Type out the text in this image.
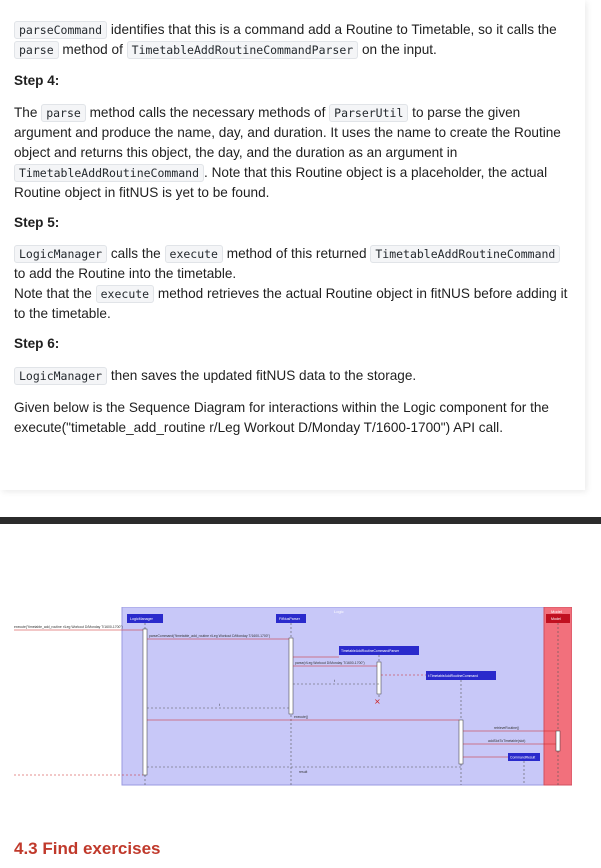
parseCommand identifies that this is a command add a Routine to Timetable, so it calls the parse method of TimetableAddRoutineCommandParser on the input.

Step 4:

The parse method calls the necessary methods of ParserUtil to parse the given argument and produce the name, day, and duration. It uses the name to create the Routine object and returns this object, the day, and the duration as an argument in TimetableAddRoutineCommand . Note that this Routine object is a placeholder, the actual Routine object in fitNUS is yet to be found.

Step 5:

LogicManager calls the execute method of this returned TimetableAddRoutineCommand to add the Routine into the timetable.
Note that the execute method retrieves the actual Routine object in fitNUS before adding it to the timetable.

Step 6:

LogicManager then saves the updated fitNUS data to the storage.

Given below is the Sequence Diagram for interactions within the Logic component for the execute("timetable_add_routine r/Leg Workout D/Monday T/1600-1700") API call.

Logic	Model
LogicManager	FitNusParser
TimetableAddRoutineCommandParser
t:TimetableAddRoutineCommand
Model
CommandResult
×
execute("timetable_add_routine r/Leg Workout D/Monday T/1600-1700")
parseCommand("timetable_add_routine r/Leg Workout D/Monday T/1600-1700")
parse(r/Leg Workout D/Monday T/1600-1700")
t
t
execute()
retrieveRoutine()
addSlotToTimetable(slot)
result
4.3 Find exercises
